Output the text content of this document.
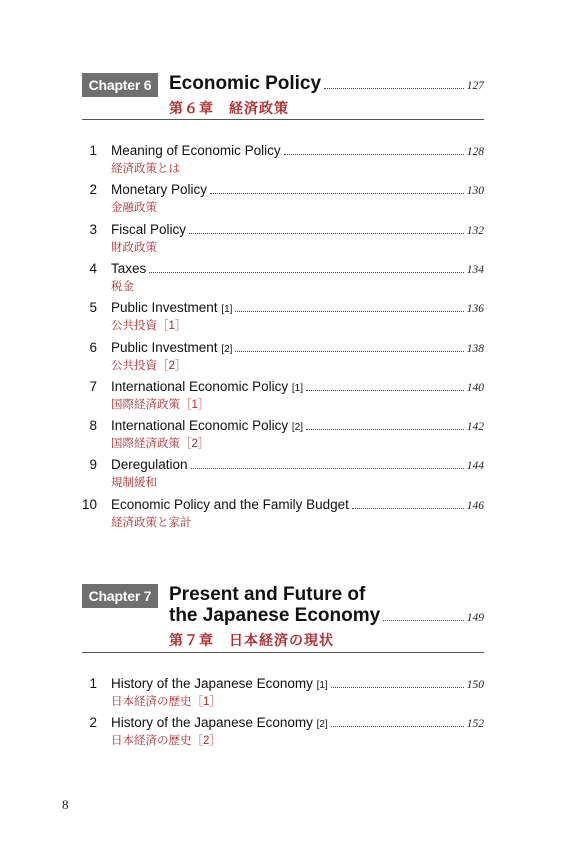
Chapter 6 Economic Policy	127
第６章　経済政策
1 Meaning of Economic Policy	128
経済政策とは
2 Monetary Policy	130
金融政策
3 Fiscal Policy	132
財政政策
4 Taxes	134
税金
5 Public Investment [1]	136
公共投資［1］
6 Public Investment [2]	138
公共投資［2］
7 International Economic Policy [1]	140
国際経済政策［1］
8 International Economic Policy [2]	142
国際経済政策［2］
9 Deregulation	144
規制緩和
10 Economic Policy and the Family Budget	146
経済政策と家計
Chapter 7 Present and Future of
the Japanese Economy	149
第７章　日本経済の現状
1 History of the Japanese Economy [1]	150
日本経済の歴史［1］
2 History of the Japanese Economy [2]	152
日本経済の歴史［2］
8
